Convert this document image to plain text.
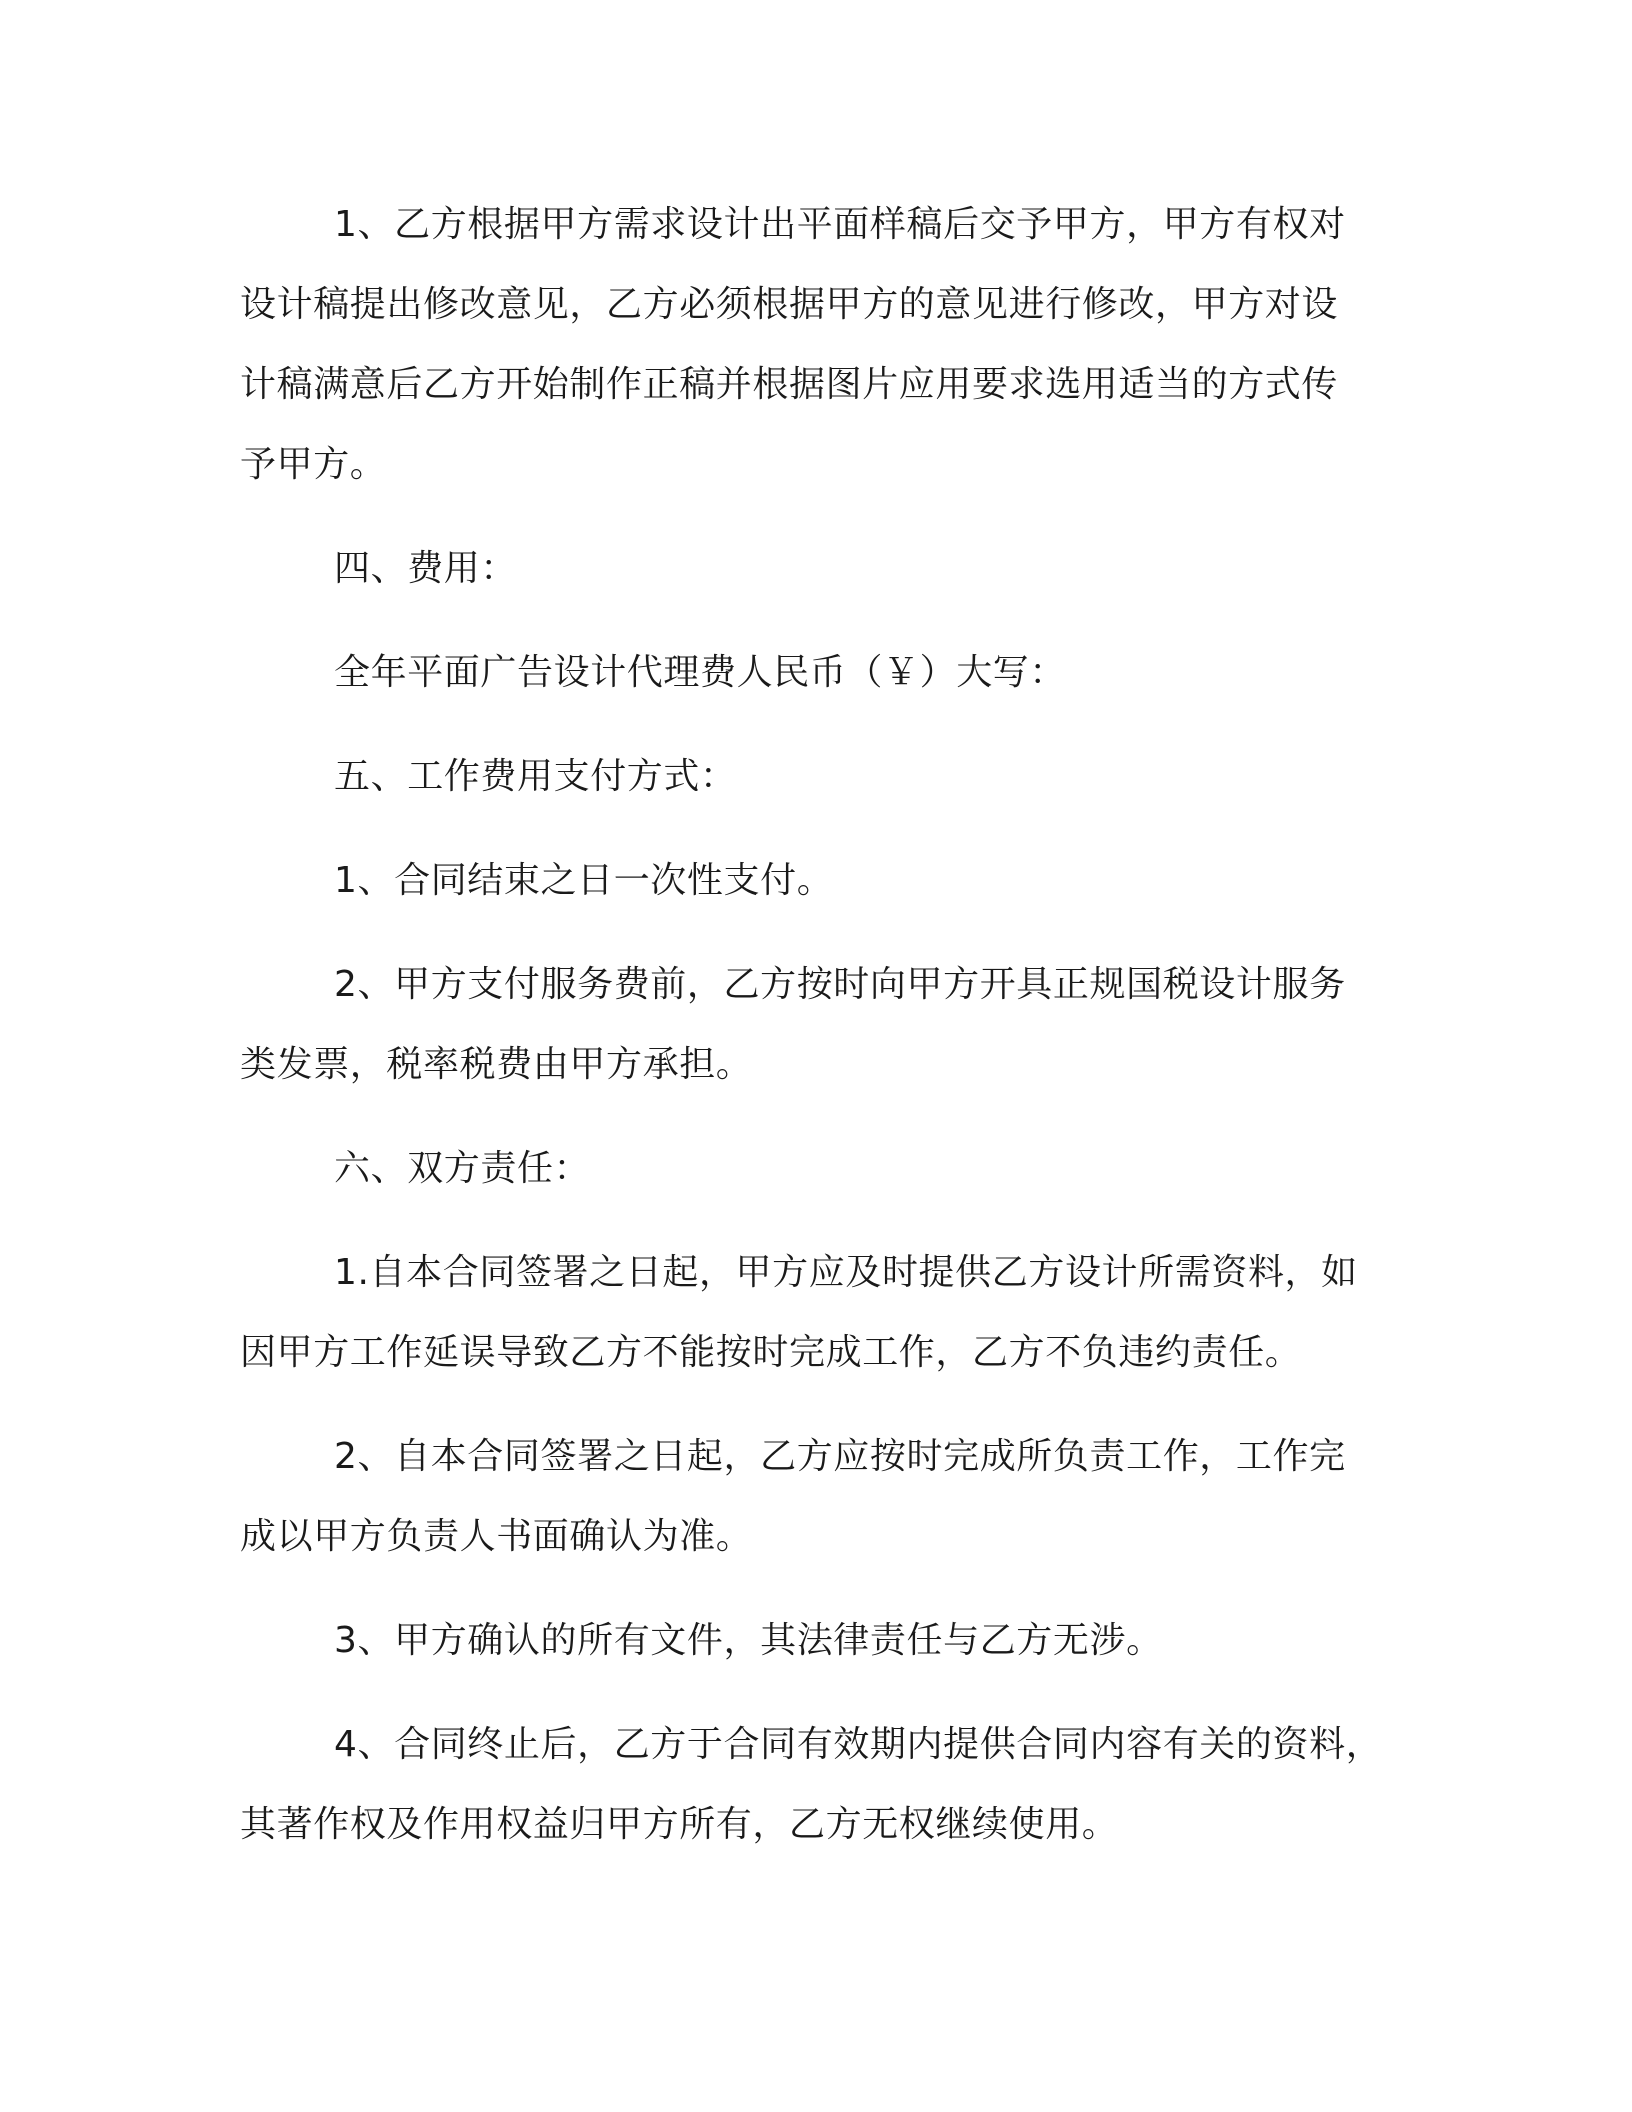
1、乙方根据甲方需求设计出平面样稿后交予甲方，甲方有权对
设计稿提出修改意见，乙方必须根据甲方的意见进行修改，甲方对设
计稿满意后乙方开始制作正稿并根据图片应用要求选用适当的方式传
予甲方。

四、费用：

全年平面广告设计代理费人民币（￥）大写：

五、工作费用支付方式：

1、合同结束之日一次性支付。

2、甲方支付服务费前，乙方按时向甲方开具正规国税设计服务
类发票，税率税费由甲方承担。

六、双方责任：

1.自本合同签署之日起，甲方应及时提供乙方设计所需资料，如
因甲方工作延误导致乙方不能按时完成工作，乙方不负违约责任。

2、自本合同签署之日起，乙方应按时完成所负责工作，工作完
成以甲方负责人书面确认为准。

3、甲方确认的所有文件，其法律责任与乙方无涉。

4、合同终止后，乙方于合同有效期内提供合同内容有关的资料，
其著作权及作用权益归甲方所有，乙方无权继续使用。
